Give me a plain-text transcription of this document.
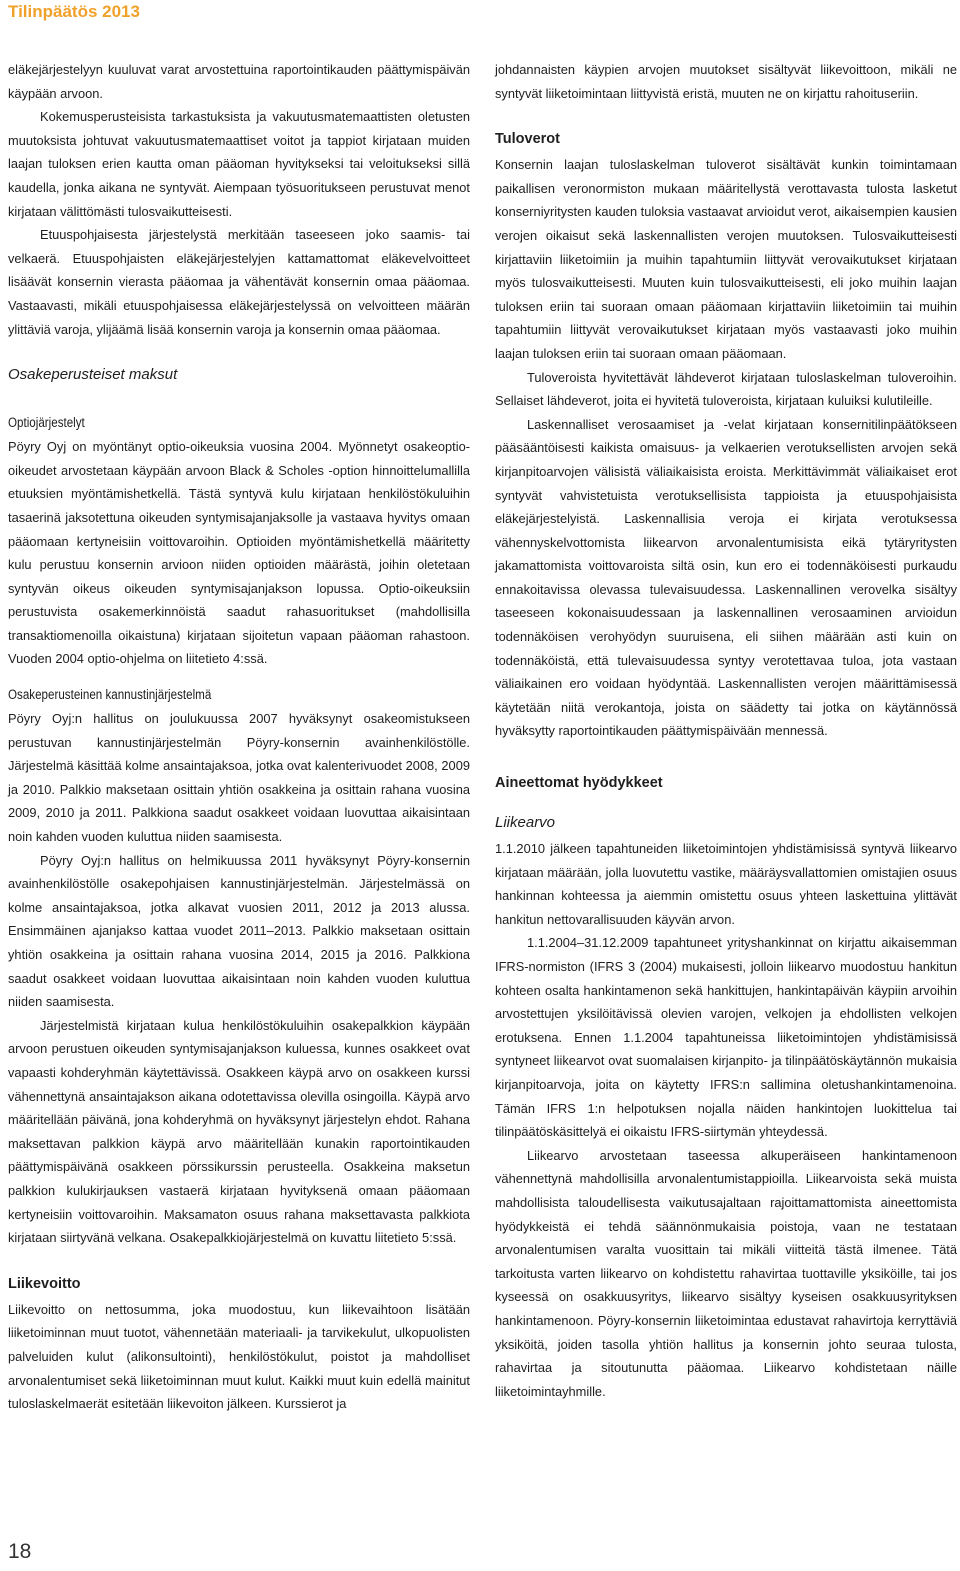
Tilinpäätös 2013

eläkejärjestelyyn kuuluvat varat arvostettuina raportointikauden päättymispäivän käypään arvoon.

Kokemusperusteisista tarkastuksista ja vakuutusmatemaattisten oletusten muutoksista johtuvat vakuutusmatemaattiset voitot ja tappiot kirjataan muiden laajan tuloksen erien kautta oman pääoman hyvitykseksi tai veloitukseksi sillä kaudella, jonka aikana ne syntyvät. Aiempaan työsuoritukseen perustuvat menot kirjataan välittömästi tulosvaikutteisesti.

Etuuspohjaisesta järjestelystä merkitään taseeseen joko saamis- tai velkaerä. Etuuspohjaisten eläkejärjestelyjen kattamattomat eläkevelvoitteet lisäävät konsernin vierasta pääomaa ja vähentävät konsernin omaa pääomaa. Vastaavasti, mikäli etuuspohjaisessa eläkejärjestelyssä on velvoitteen määrän ylittäviä varoja, ylijäämä lisää konsernin varoja ja konsernin omaa pääomaa.

Osakeperusteiset maksut
Optiojärjestelyt

Pöyry Oyj on myöntänyt optio-oikeuksia vuosina 2004. Myönnetyt osakeoptio-oikeudet arvostetaan käypään arvoon Black & Scholes -option hinnoittelumallilla etuuksien myöntämishetkellä. Tästä syntyvä kulu kirjataan henkilöstökuluihin tasaerinä jaksotettuna oikeuden syntymisajanjaksolle ja vastaava hyvitys omaan pääomaan kertyneisiin voittovaroihin. Optioiden myöntämishetkellä määritetty kulu perustuu konsernin arvioon niiden optioiden määrästä, joihin oletetaan syntyvän oikeus oikeuden syntymisajanjakson lopussa. Optio-oikeuksiin perustuvista osakemerkinnöistä saadut rahasuoritukset (mahdollisilla transaktiomenoilla oikaistuna) kirjataan sijoitetun vapaan pääoman rahastoon. Vuoden 2004 optio-ohjelma on liitetieto 4:ssä.

Osakeperusteinen kannustinjärjestelmä

Pöyry Oyj:n hallitus on joulukuussa 2007 hyväksynyt osakeomistukseen perustuvan kannustinjärjestelmän Pöyry-konsernin avainhenkilöstölle. Järjestelmä käsittää kolme ansaintajaksoa, jotka ovat kalenterivuodet 2008, 2009 ja 2010. Palkkio maksetaan osittain yhtiön osakkeina ja osittain rahana vuosina 2009, 2010 ja 2011. Palkkiona saadut osakkeet voidaan luovuttaa aikaisintaan noin kahden vuoden kuluttua niiden saamisesta.

Pöyry Oyj:n hallitus on helmikuussa 2011 hyväksynyt Pöyry-konsernin avainhenkilöstölle osakepohjaisen kannustinjärjestelmän. Järjestelmässä on kolme ansaintajaksoa, jotka alkavat vuosien 2011, 2012 ja 2013 alussa. Ensimmäinen ajanjakso kattaa vuodet 2011–2013. Palkkio maksetaan osittain yhtiön osakkeina ja osittain rahana vuosina 2014, 2015 ja 2016. Palkkiona saadut osakkeet voidaan luovuttaa aikaisintaan noin kahden vuoden kuluttua niiden saamisesta.

Järjestelmistä kirjataan kulua henkilöstökuluihin osakepalkkion käypään arvoon perustuen oikeuden syntymisajanjakson kuluessa, kunnes osakkeet ovat vapaasti kohderyhmän käytettävissä. Osakkeen käypä arvo on osakkeen kurssi vähennettynä ansaintajakson aikana odotettavissa olevilla osingoilla. Käypä arvo määritellään päivänä, jona kohderyhmä on hyväksynyt järjestelyn ehdot. Rahana maksettavan palkkion käypä arvo määritellään kunakin raportointikauden päättymispäivänä osakkeen pörssikurssin perusteella. Osakkeina maksetun palkkion kulukirjauksen vastaerä kirjataan hyvityksenä omaan pääomaan kertyneisiin voittovaroihin. Maksamaton osuus rahana maksettavasta palkkiota kirjataan siirtyvänä velkana. Osakepalkkiojärjestelmä on kuvattu liitetieto 5:ssä.

Liikevoitto

Liikevoitto on nettosumma, joka muodostuu, kun liikevaihtoon lisätään liiketoiminnan muut tuotot, vähennetään materiaali- ja tarvikekulut, ulkopuolisten palveluiden kulut (alikonsultointi), henkilöstökulut, poistot ja mahdolliset arvonalentumiset sekä liiketoiminnan muut kulut. Kaikki muut kuin edellä mainitut tuloslaskelmaerät esitetään liikevoiton jälkeen. Kurssierot ja

johdannaisten käypien arvojen muutokset sisältyvät liikevoittoon, mikäli ne syntyvät liiketoimintaan liittyvistä eristä, muuten ne on kirjattu rahoituseriin.

Tuloverot

Konsernin laajan tuloslaskelman tuloverot sisältävät kunkin toimintamaan paikallisen veronormiston mukaan määritellystä verottavasta tulosta lasketut konserniyritysten kauden tuloksia vastaavat arvioidut verot, aikaisempien kausien verojen oikaisut sekä laskennallisten verojen muutoksen. Tulosvaikutteisesti kirjattaviin liiketoimiin ja muihin tapahtumiin liittyvät verovaikutukset kirjataan myös tulosvaikutteisesti. Muuten kuin tulosvaikutteisesti, eli joko muihin laajan tuloksen eriin tai suoraan omaan pääomaan kirjattaviin liiketoimiin tai muihin tapahtumiin liittyvät verovaikutukset kirjataan myös vastaavasti joko muihin laajan tuloksen eriin tai suoraan omaan pääomaan.

Tuloveroista hyvitettävät lähdeverot kirjataan tuloslaskelman tuloveroihin. Sellaiset lähdeverot, joita ei hyvitetä tuloveroista, kirjataan kuluiksi kulutileille.

Laskennalliset verosaamiset ja -velat kirjataan konsernitilinpäätökseen pääsääntöisesti kaikista omaisuus- ja velkaerien verotuksellisten arvojen sekä kirjanpitoarvojen välisistä väliaikaisista eroista. Merkittävimmät väliaikaiset erot syntyvät vahvistetuista verotuksellisista tappioista ja etuuspohjaisista eläkejärjestelyistä. Laskennallisia veroja ei kirjata verotuksessa vähennyskelvottomista liikearvon arvonalentumisista eikä tytäryritysten jakamattomista voittovaroista siltä osin, kun ero ei todennäköisesti purkaudu ennakoitavissa olevassa tulevaisuudessa. Laskennallinen verovelka sisältyy taseeseen kokonaisuudessaan ja laskennallinen verosaaminen arvioidun todennäköisen verohyödyn suuruisena, eli siihen määrään asti kuin on todennäköistä, että tulevaisuudessa syntyy verotettavaa tuloa, jota vastaan väliaikainen ero voidaan hyödyntää. Laskennallisten verojen määrittämisessä käytetään niitä verokantoja, joista on säädetty tai jotka on käytännössä hyväksytty raportointikauden päättymispäivään mennessä.

Aineettomat hyödykkeet
Liikearvo

1.1.2010 jälkeen tapahtuneiden liiketoimintojen yhdistämisissä syntyvä liikearvo kirjataan määrään, jolla luovutettu vastike, määräysvallattomien omistajien osuus hankinnan kohteessa ja aiemmin omistettu osuus yhteen laskettuina ylittävät hankitun nettovarallisuuden käyvän arvon.

1.1.2004–31.12.2009 tapahtuneet yrityshankinnat on kirjattu aikaisemman IFRS-normiston (IFRS 3 (2004) mukaisesti, jolloin liikearvo muodostuu hankitun kohteen osalta hankintamenon sekä hankittujen, hankintapäivän käypiin arvoihin arvostettujen yksilöitävissä olevien varojen, velkojen ja ehdollisten velkojen erotuksena. Ennen 1.1.2004 tapahtuneissa liiketoimintojen yhdistämisissä syntyneet liikearvot ovat suomalaisen kirjanpito- ja tilinpäätöskäytännön mukaisia kirjanpitoarvoja, joita on käytetty IFRS:n sallimina oletushankintamenoina. Tämän IFRS 1:n helpotuksen nojalla näiden hankintojen luokittelua tai tilinpäätöskäsittelyä ei oikaistu IFRS-siirtymän yhteydessä.

Liikearvo arvostetaan taseessa alkuperäiseen hankintamenoon vähennettynä mahdollisilla arvonalentumistappioilla. Liikearvoista sekä muista mahdollisista taloudellisesta vaikutusajaltaan rajoittamattomista aineettomista hyödykkeistä ei tehdä säännönmukaisia poistoja, vaan ne testataan arvonalentumisen varalta vuosittain tai mikäli viitteitä tästä ilmenee. Tätä tarkoitusta varten liikearvo on kohdistettu rahavirtaa tuottaville yksiköille, tai jos kyseessä on osakkuusyritys, liikearvo sisältyy kyseisen osakkuusyrityksen hankintamenoon. Pöyry-konsernin liiketoimintaa edustavat rahavirtoja kerryttäviä yksiköitä, joiden tasolla yhtiön hallitus ja konsernin johto seuraa tulosta, rahavirtaa ja sitoutunutta pääomaa. Liikearvo kohdistetaan näille liiketoimintayhmille.

18
